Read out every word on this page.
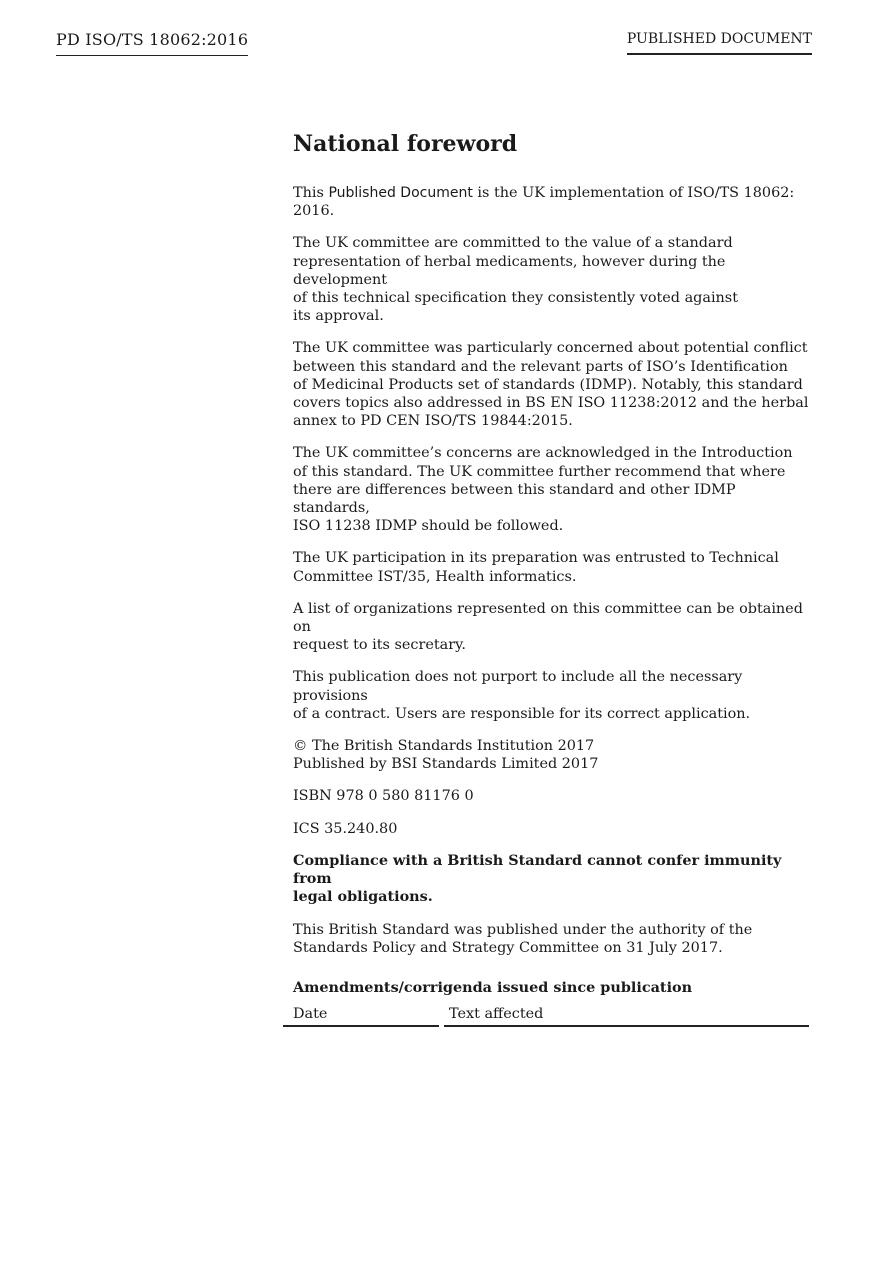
PD ISO/TS 18062:2016	PUBLISHED DOCUMENT
National foreword

This Published Document is the UK implementation of ISO/TS 18062:
2016.

The UK committee are committed to the value of a standard
representation of herbal medicaments, however during the development
of this technical specification they consistently voted against
its approval.

The UK committee was particularly concerned about potential conflict
between this standard and the relevant parts of ISO’s Identification
of Medicinal Products set of standards (IDMP). Notably, this standard
covers topics also addressed in BS EN ISO 11238:2012 and the herbal
annex to PD CEN ISO/TS 19844:2015.

The UK committee’s concerns are acknowledged in the Introduction
of this standard. The UK committee further recommend that where
there are differences between this standard and other IDMP standards,
ISO 11238 IDMP should be followed.

The UK participation in its preparation was entrusted to Technical
Committee IST/35, Health informatics.

A list of organizations represented on this committee can be obtained on
request to its secretary.

This publication does not purport to include all the necessary provisions
of a contract. Users are responsible for its correct application.

© The British Standards Institution 2017
Published by BSI Standards Limited 2017

ISBN 978 0 580 81176 0

ICS 35.240.80

Compliance with a British Standard cannot confer immunity from
legal obligations.

This British Standard was published under the authority of the
Standards Policy and Strategy Committee on 31 July 2017.

Amendments/corrigenda issued since publication
Date	Text affected
